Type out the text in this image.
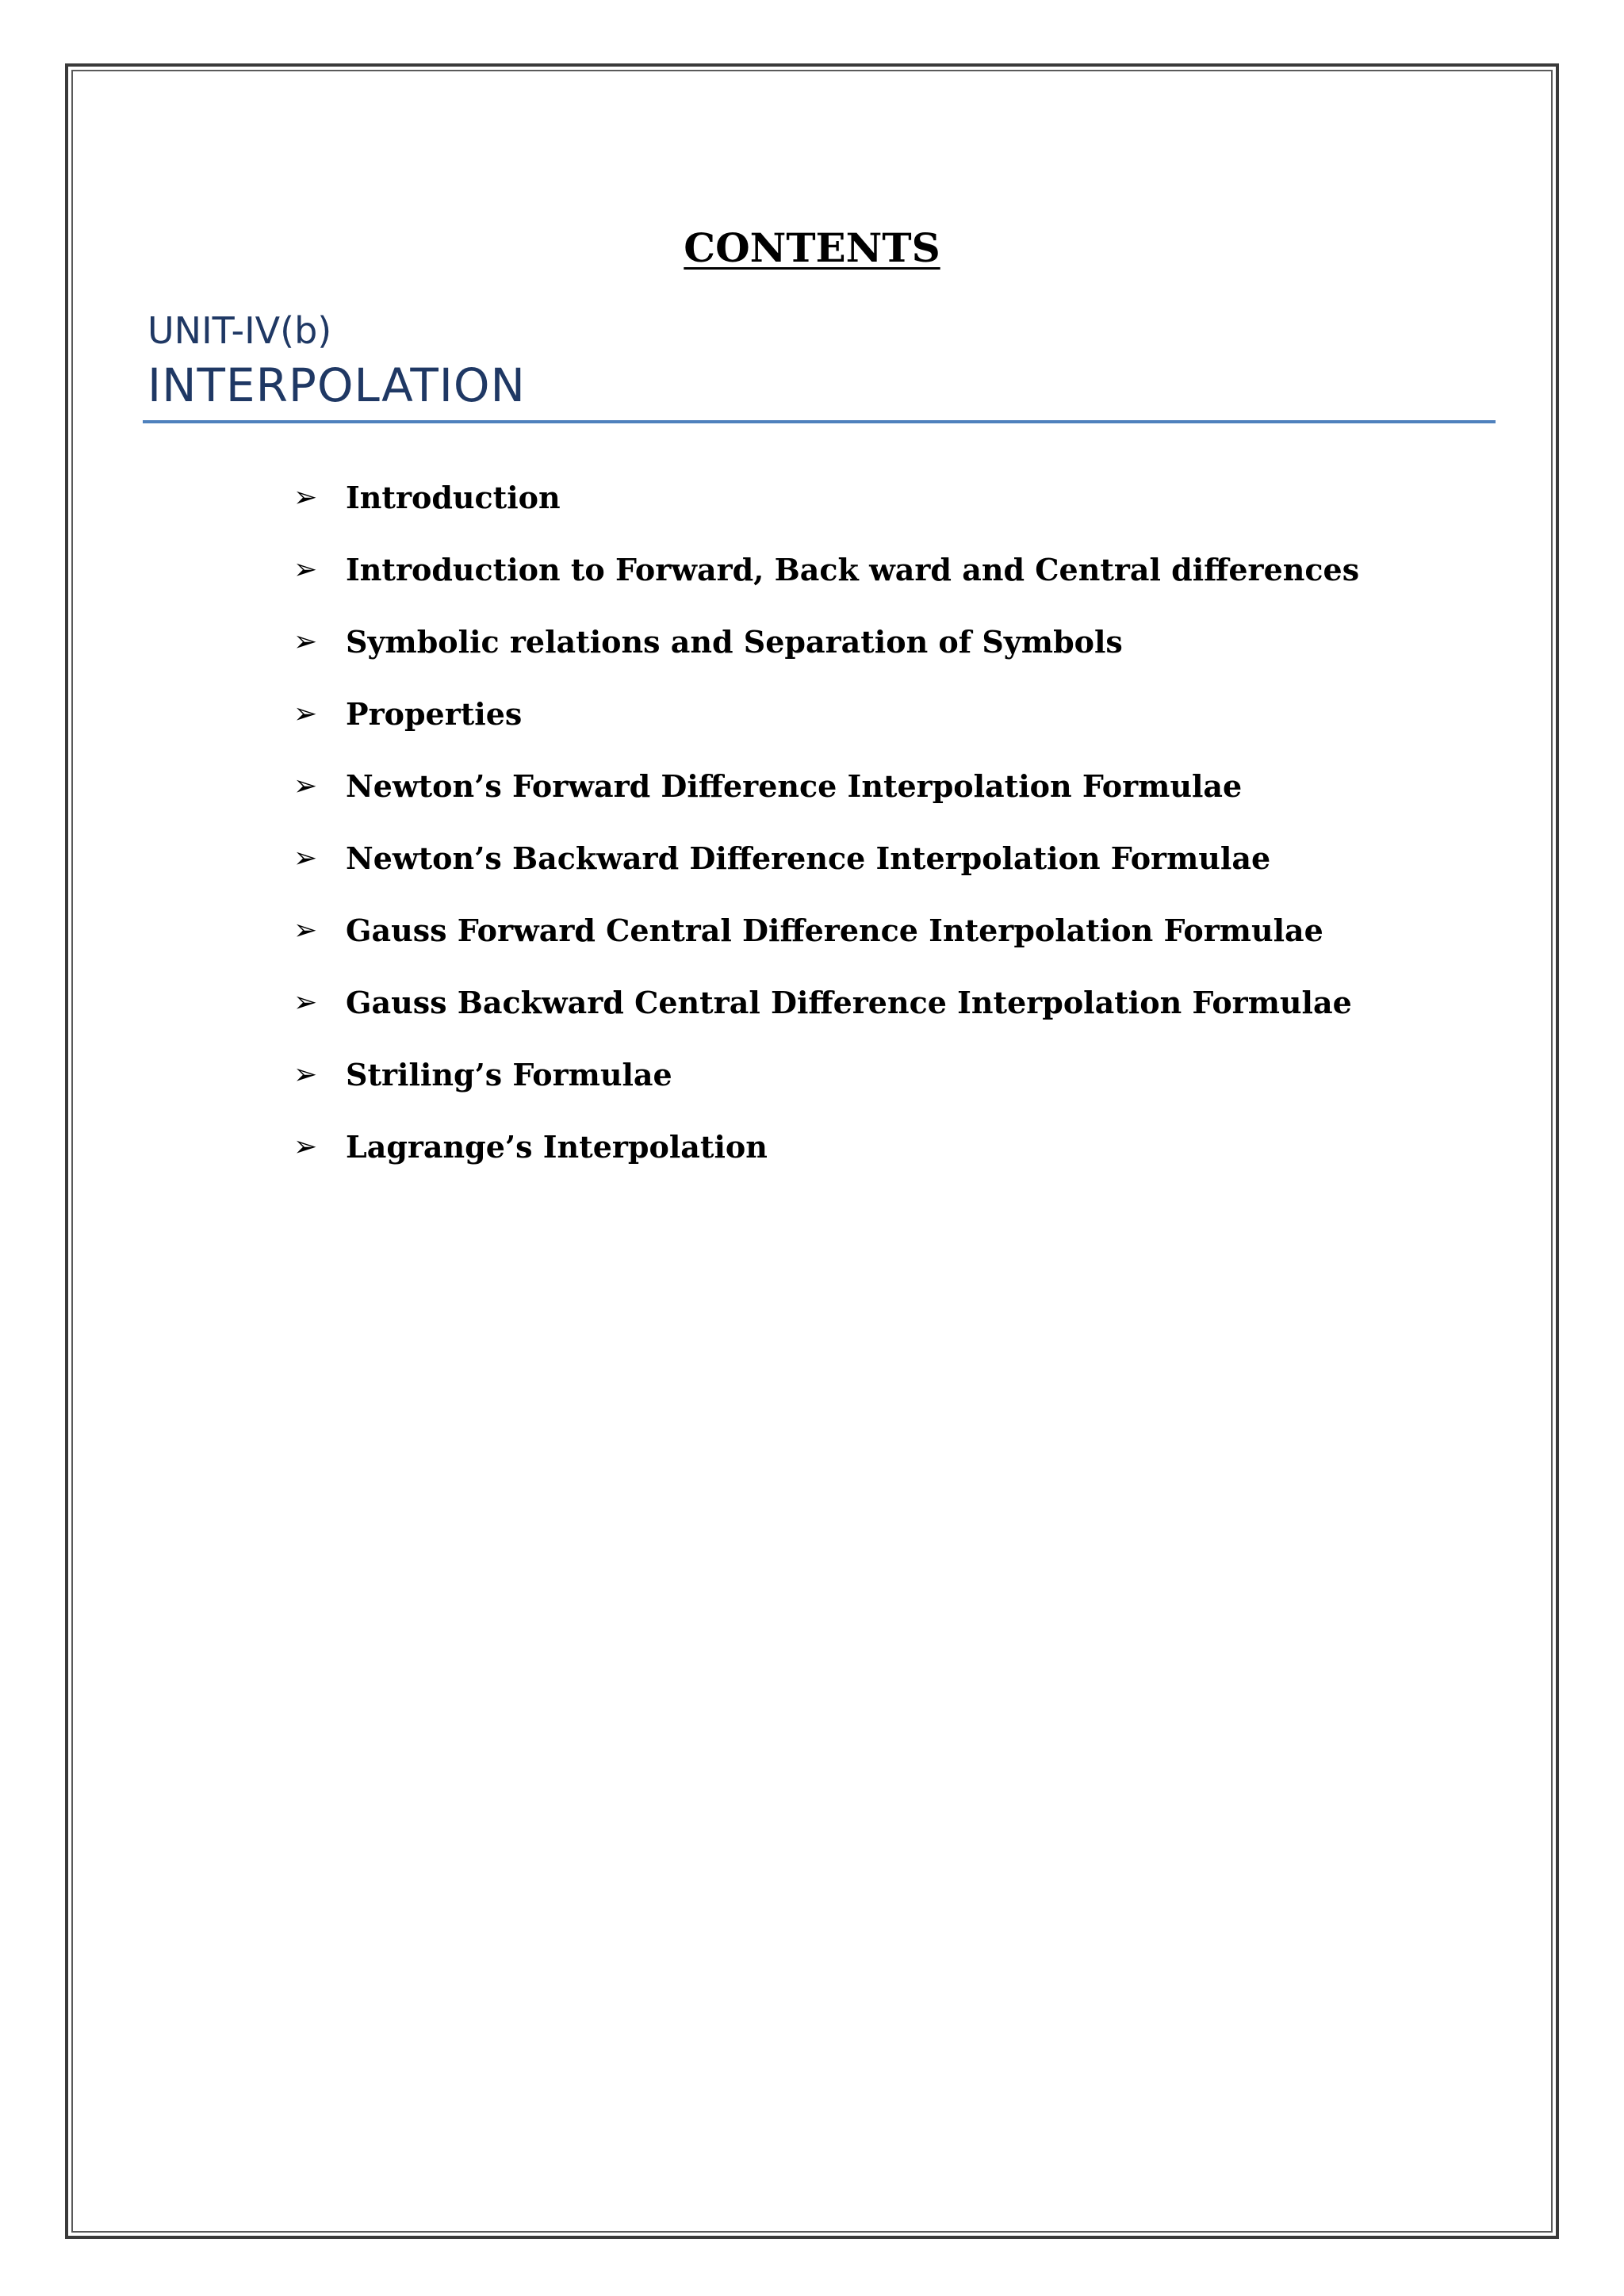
CONTENTS
UNIT-IV(b)
INTERPOLATION
➢ Introduction
➢ Introduction to Forward, Back ward and Central differences
➢ Symbolic relations and Separation of Symbols
➢ Properties
➢ Newton’s Forward Difference Interpolation Formulae
➢ Newton’s Backward Difference Interpolation Formulae
➢ Gauss Forward Central Difference Interpolation Formulae
➢ Gauss Backward Central Difference Interpolation Formulae
➢ Striling’s Formulae
➢ Lagrange’s Interpolation
